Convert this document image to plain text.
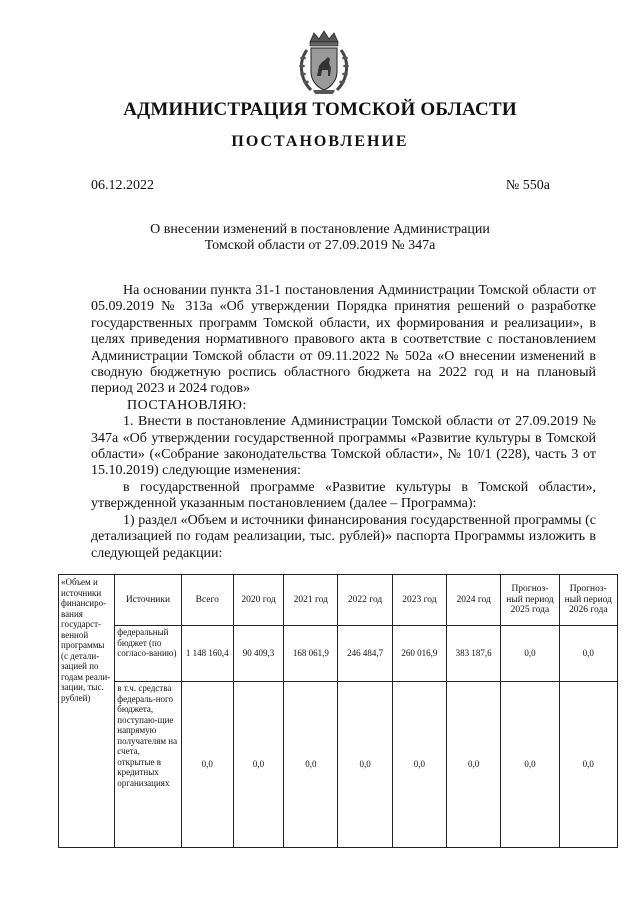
АДМИНИСТРАЦИЯ ТОМСКОЙ ОБЛАСТИ
ПОСТАНОВЛЕНИЕ
06.12.2022	№ 550а
О внесении изменений в постановление Администрации
Томской области от 27.09.2019 № 347а

На основании пункта 31-1 постановления Администрации Томской области от 05.09.2019 № 313а «Об утверждении Порядка принятия решений о разработке государственных программ Томской области, их формирования и реализации», в целях приведения нормативного правового акта в соответствие с постановлением Администрации Томской области от 09.11.2022 № 502а «О внесении изменений в сводную бюджетную роспись областного бюджета на 2022 год и на плановый период 2023 и 2024 годов»

ПОСТАНОВЛЯЮ:

1. Внести в постановление Администрации Томской области от 27.09.2019 № 347а «Об утверждении государственной программы «Развитие культуры в Томской области» («Собрание законодательства Томской области», № 10/1 (228), часть 3 от 15.10.2019) следующие изменения:

в государственной программе «Развитие культуры в Томской области», утвержденной указанным постановлением (далее – Программа):

1) раздел «Объем и источники финансирования государственной программы (с детализацией по годам реализации, тыс. рублей)» паспорта Программы изложить в следующей редакции:

«Объем и источники финансиро-вания государст-венной программы (с детали-зацией по годам реали-зации, тыс. рублей)	Источники	Всего	2020 год	2021 год	2022 год	2023 год	2024 год	Прогноз-ный период 2025 года	Прогноз-ный период 2026 года
	федеральный бюджет (по согласо-ванию)	1 148 160,4	90 409,3	168 061,9	246 484,7	260 016,9	383 187,6	0,0	0,0
	в т.ч. средства федераль-ного бюджета, поступаю-щие напрямую получателям на счета, открытые в кредитных организациях	0,0	0,0	0,0	0,0	0,0	0,0	0,0	0,0
